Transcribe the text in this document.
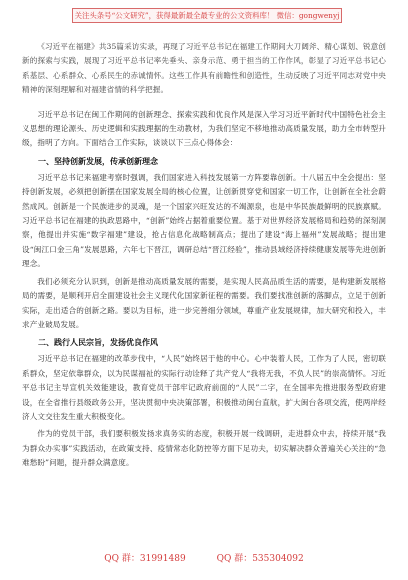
关注头条号“公文研究”，获得最新最全最专业的公文资料库！ 微信：gongwenyj

《习近平在福建》共35篇采访实录，再现了习近平总书记在福建工作期间大刀阔斧、精心谋划、锐意创新的探索与实践，展现了习近平总书记率先垂头、亲身示范、勇于担当的工作作风，彰显了习近平总书记心系基层、心系群众、心系民生的赤诚情怀。这些工作具有前瞻性和创造性，生动反映了习近平同志对党中央精神的深刻理解和对福建省情的科学把握。

习近平总书记在闽工作期间的创新理念、探索实践和优良作风是深入学习习近平新时代中国特色社会主义思想的理论源头、历史逻辑和实践理据的生动教材，为我们坚定不移地推动高质量发展，助力全市转型升级，指明了方向。下面结合工作实际，谈谈以下三点心得体会：

一、坚持创新发展，传承创新理念

习近平总书记来福建考察时强调，我们国家进入科技发展第一方阵要靠创新。十八届五中全会提出：坚持创新发展，必须把创新摆在国家发展全局的核心位置，让创新贯穿党和国家一切工作，让创新在全社会蔚然成风。创新是一个民族进步的灵魂，是一个国家兴旺发达的不竭源泉，也是中华民族最鲜明的民族禀赋。习近平总书记在福建的执政思路中，“创新”始终占据着重要位置。基于对世界经济发展格局和趋势的深刻洞察，他提出并实施“数字福建”建设，抢占信息化战略制高点；提出了建设“海上福州”发展战略；提出建设“闽江口金三角”发展思路，六年七下晋江，调研总结“晋江经验”，推动县域经济持续健康发展等先进创新理念。

我们必须充分认识到，创新是推动高质量发展的需要，是实现人民高品质生活的需要，是构建新发展格局的需要，是顺利开启全面建设社会主义现代化国家新征程的需要。我们要找准创新的落脚点，立足于创新实际，走出适合的创新之路。要以为目标，进一步完善细分领域，尊重产业发展规律，加大研究和投入，丰求产业破局发展。

二、践行人民宗旨，发扬优良作风

习近平总书记在福建的改革步伐中，“人民”始终居于他的中心。心中装着人民，工作为了人民，密切联系群众，坚定依靠群众，以为民谋福祉的实际行动诠释了共产党人“我将无我，不负人民”的崇高情怀。习近平总书记主导宣机关效能建设，教育党员干部牢记政府前面的“人民”二字，在全国率先推进服务型政府建设，在全省推行县级政务公开，坚决贯彻中央决策部署，积极推动闽台直航，扩大闽台各项交流，使两岸经济人文交往发生重大积极变化。

作为的党员干部，我们要积极发扬求真务实的态度，积极开展一线调研，走进群众中去，持续开展“我为群众办实事”实践活动，在政策支持、疫情常态化防控等方面下足功夫，切实解决群众普遍关心关注的“急难愁盼”问题，提升群众满意度。

QQ 群：31991489	QQ 群：535304092
